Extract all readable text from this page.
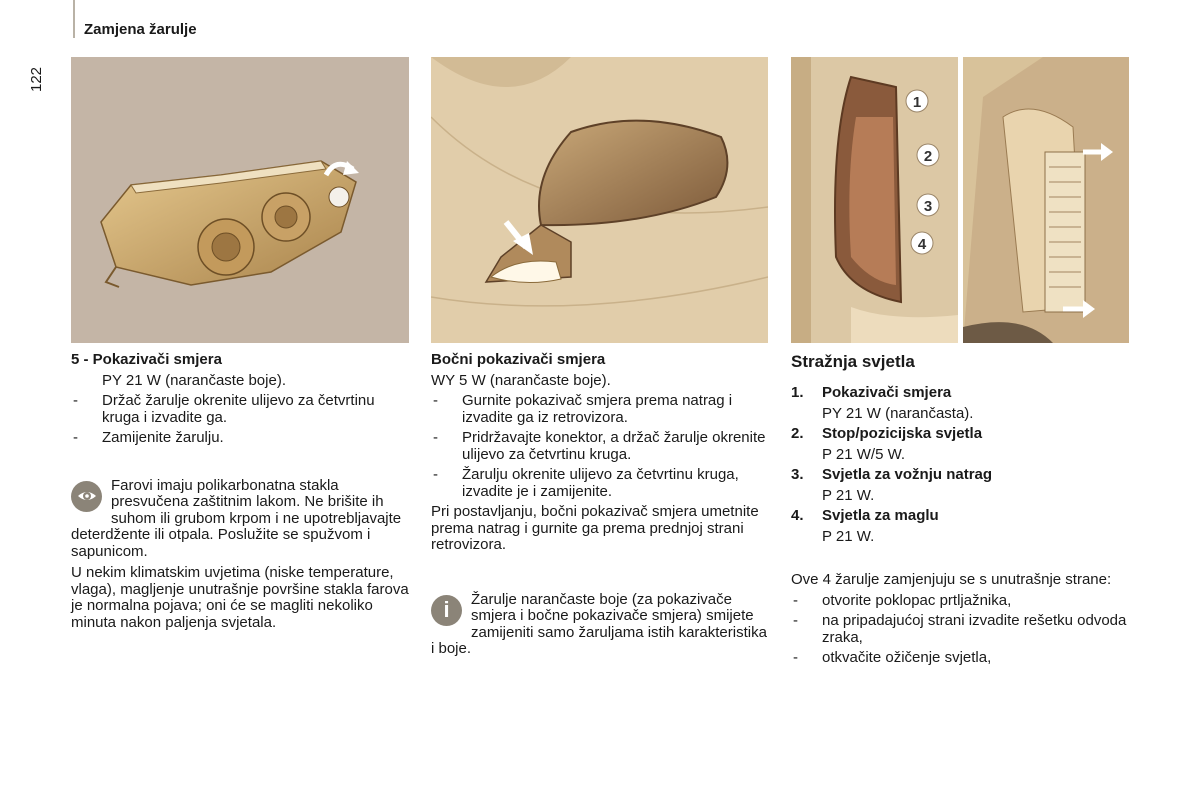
Zamjena žarulje
122
1
2
3
4
5 - Pokazivači smjera
PY 21 W (narančaste boje).
- Držač žarulje okrenite ulijevo za četvrtinu kruga i izvadite ga.
- Zamijenite žarulju.
Farovi imaju polikarbonatna stakla presvučena zaštitnim lakom. Ne brišite ih suhom ili grubom krpom i ne upotrebljavajte deterdžente ili otpala. Poslužite se spužvom i sapunicom.
U nekim klimatskim uvjetima (niske temperature, vlaga), magljenje unutrašnje površine stakla farova je normalna pojava; oni će se magliti nekoliko minuta nakon paljenja svjetala.
Bočni pokazivači smjera
WY 5 W (narančaste boje).
- Gurnite pokazivač smjera prema natrag i izvadite ga iz retrovizora.
- Pridržavajte konektor, a držač žarulje okrenite ulijevo za četvrtinu kruga.
- Žarulju okrenite ulijevo za četvrtinu kruga, izvadite je i zamijenite.
Pri postavljanju, bočni pokazivač smjera umetnite prema natrag i gurnite ga prema prednjoj strani retrovizora.
i	Žarulje narančaste boje (za pokazivače smjera i bočne pokazivače smjera) smijete zamijeniti samo žaruljama istih karakteristika i boje.
Stražnja svjetla
1. Pokazivači smjera
PY 21 W (narančasta).
2. Stop/pozicijska svjetla
P 21 W/5 W.
3. Svjetla za vožnju natrag
P 21 W.
4. Svjetla za maglu
P 21 W.
Ove 4 žarulje zamjenjuju se s unutrašnje strane:
- otvorite poklopac prtljažnika,
- na pripadajućoj strani izvadite rešetku odvoda zraka,
- otkvačite ožičenje svjetla,
